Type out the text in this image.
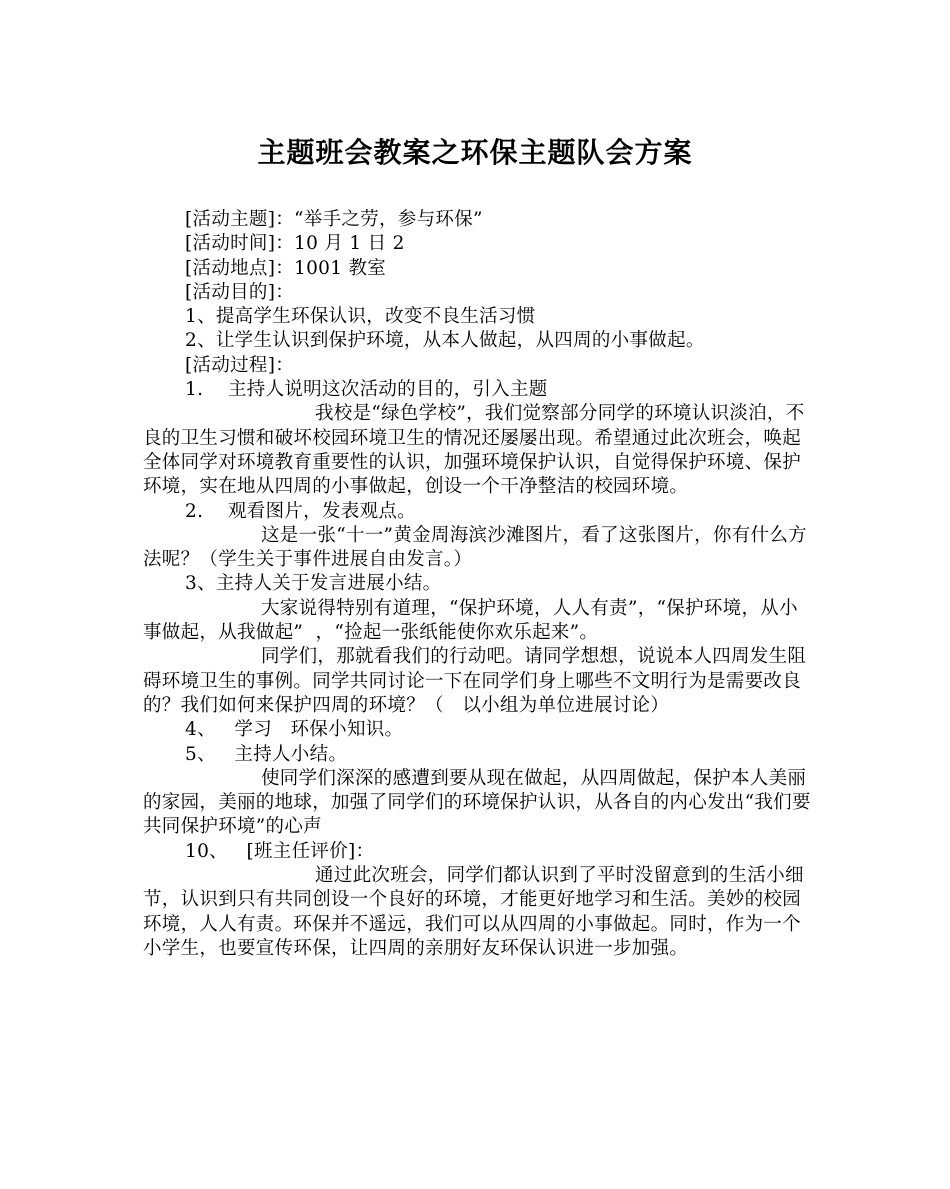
主题班会教案之环保主题队会方案

[活动主题]：“举手之劳，参与环保”

[活动时间]：10 月 1 日 2

[活动地点]：1001 教室

[活动目的]：

1、提高学生环保认识，改变不良生活习惯

2、让学生认识到保护环境，从本人做起，从四周的小事做起。

[活动过程]：

1.    主持人说明这次活动的目的，引入主题

我校是“绿色学校”，我们觉察部分同学的环境认识淡泊，不良的卫生习惯和破坏校园环境卫生的情况还屡屡出现。希望通过此次班会，唤起全体同学对环境教育重要性的认识，加强环境保护认识，自觉得保护环境、保护环境，实在地从四周的小事做起，创设一个干净整洁的校园环境。

2.    观看图片，发表观点。

这是一张“十一”黄金周海滨沙滩图片，看了这张图片，你有什么方法呢？（学生关于事件进展自由发言。）

3、主持人关于发言进展小结。

大家说得特别有道理，“保护环境，人人有责”，“保护环境，从小事做起，从我做起”  ，“捡起一张纸能使你欢乐起来”。

同学们，那就看我们的行动吧。请同学想想，说说本人四周发生阻碍环境卫生的事例。同学共同讨论一下在同学们身上哪些不文明行为是需要改良的？我们如何来保护四周的环境？（   以小组为单位进展讨论）

4、   学习   环保小知识。

5、   主持人小结。

使同学们深深的感遭到要从现在做起，从四周做起，保护本人美丽的家园，美丽的地球，加强了同学们的环境保护认识，从各自的内心发出“我们要共同保护环境”的心声

10、   [班主任评价]：

通过此次班会，同学们都认识到了平时没留意到的生活小细节，认识到只有共同创设一个良好的环境，才能更好地学习和生活。美妙的校园环境，人人有责。环保并不遥远，我们可以从四周的小事做起。同时，作为一个小学生，也要宣传环保，让四周的亲朋好友环保认识进一步加强。
